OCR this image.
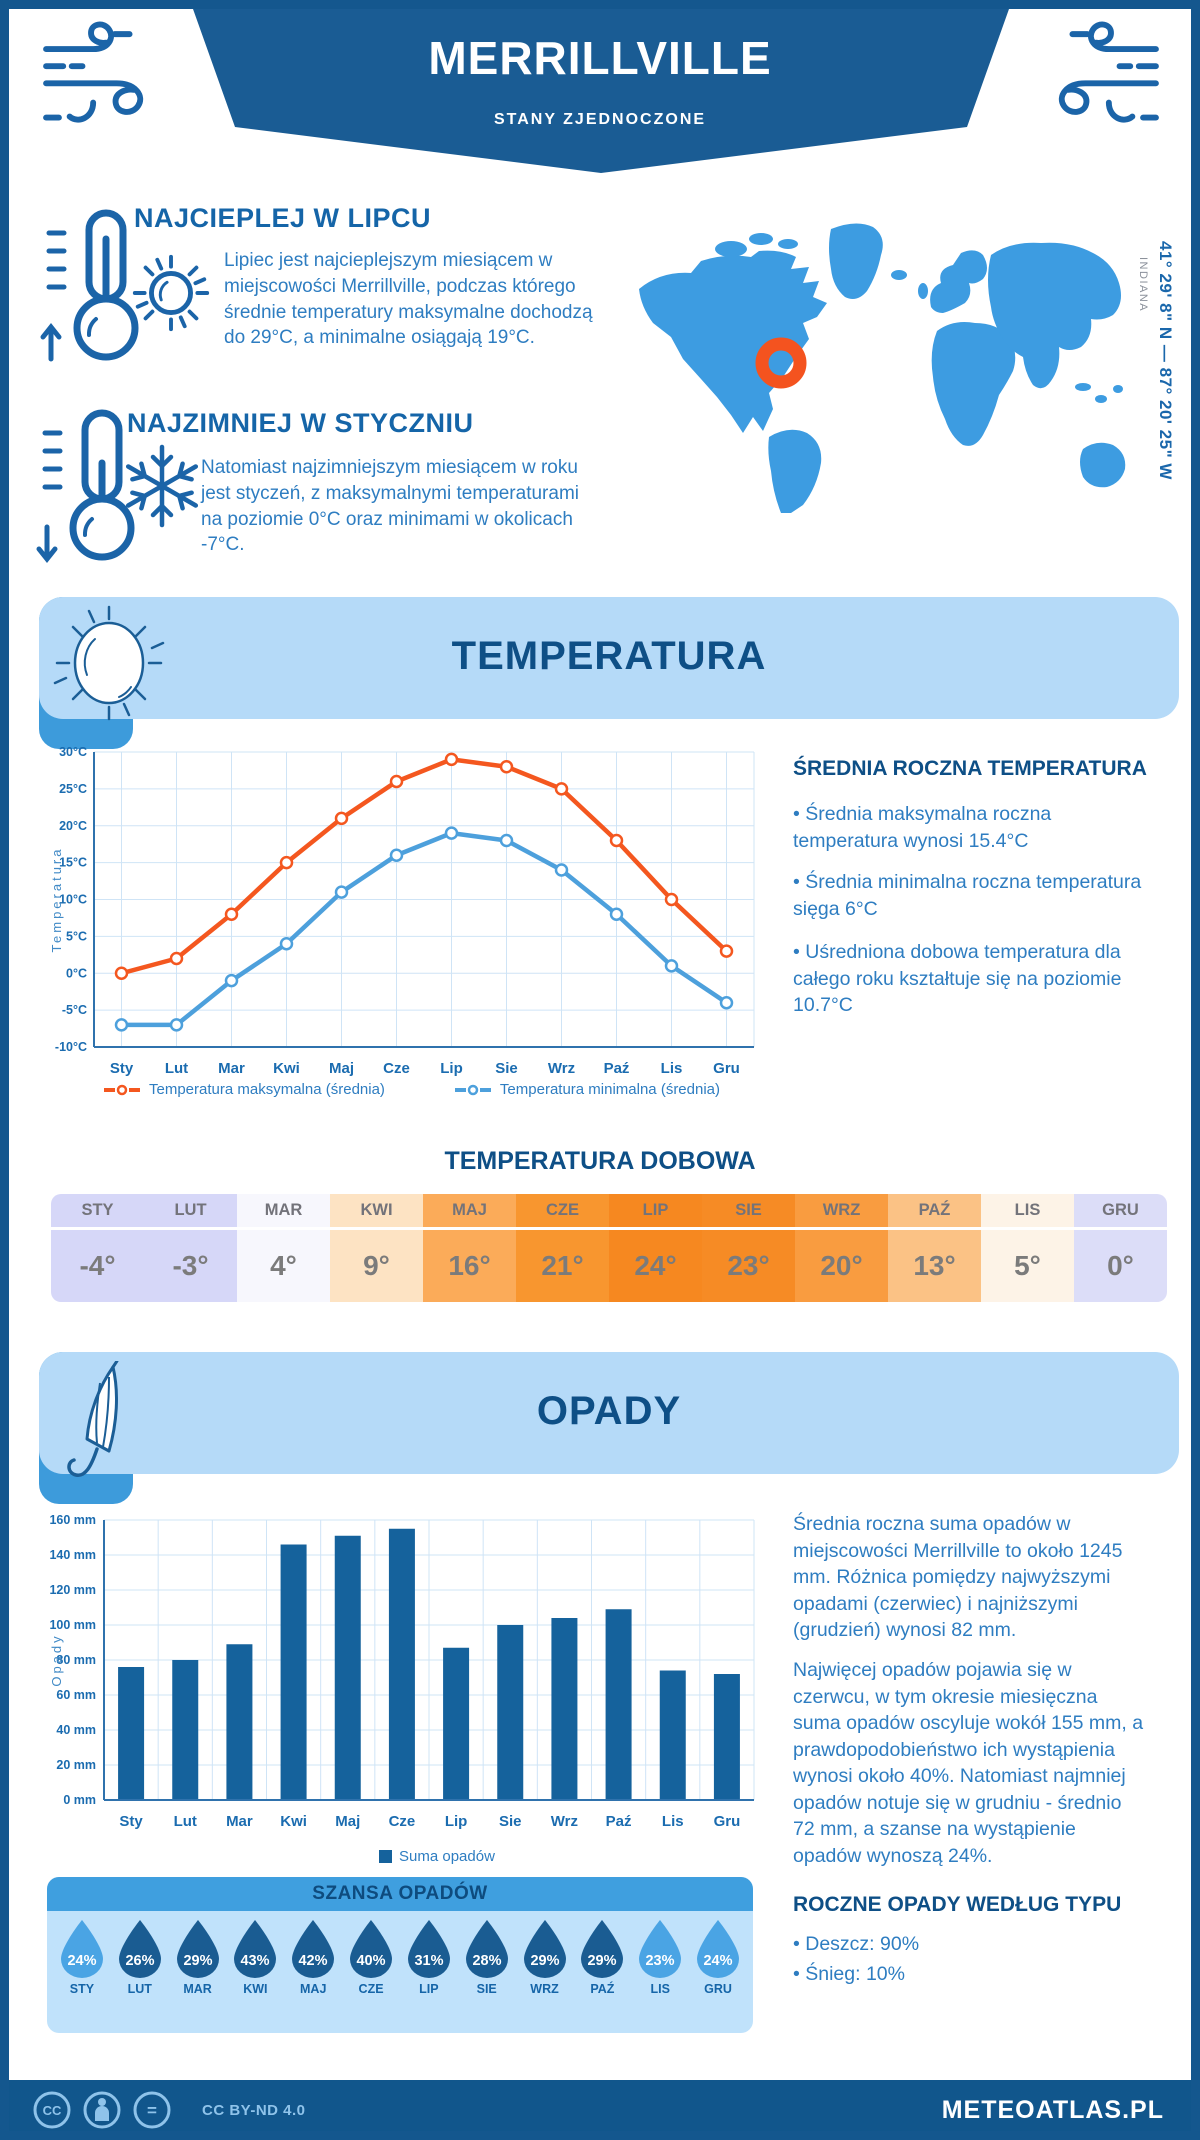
MERRILLVILLE
STANY ZJEDNOCZONE
NAJCIEPLEJ W LIPCU
Lipiec jest najcieplejszym miesiącem w miejscowości Merrillville, podczas którego średnie temperatury maksymalne dochodzą do 29°C, a minimalne osiągają 19°C.
NAJZIMNIEJ W STYCZNIU
Natomiast najzimniejszym miesiącem w roku jest styczeń, z maksymalnymi temperaturami na poziomie 0°C oraz minimami w okolicach -7°C.
INDIANA 41° 29' 8" N — 87° 20' 25" W
TEMPERATURA
-10°C
-5°C
0°C
5°C
10°C
15°C
20°C
25°C
30°C
Sty Lut Mar Kwi Maj Cze Lip Sie Wrz Paź Lis Gru
Temperatura
Temperatura maksymalna (średnia)	Temperatura minimalna (średnia)
ŚREDNIA ROCZNA TEMPERATURA
• Średnia maksymalna roczna temperatura wynosi 15.4°C
• Średnia minimalna roczna temperatura sięga 6°C
• Uśredniona dobowa temperatura dla całego roku kształtuje się na poziomie 10.7°C
TEMPERATURA DOBOWA
STY
-4°
LUT
-3°
MAR
4°
KWI
9°
MAJ
16°
CZE
21°
LIP
24°
SIE
23°
WRZ
20°
PAŹ
13°
LIS
5°
GRU
0°
OPADY
0 mm
20 mm
40 mm
60 mm
80 mm
100 mm
120 mm
140 mm
160 mm
Sty Lut Mar Kwi Maj Cze Lip Sie Wrz Paź Lis Gru
Opady
Suma opadów
Średnia roczna suma opadów w miejscowości Merrillville to około 1245 mm. Różnica pomiędzy najwyższymi opadami (czerwiec) i najniższymi (grudzień) wynosi 82 mm.
Najwięcej opadów pojawia się w czerwcu, w tym okresie miesięczna suma opadów oscyluje wokół 155 mm, a prawdopodobieństwo ich wystąpienia wynosi około 40%. Natomiast najmniej opadów notuje się w grudniu - średnio 72 mm, a szanse na wystąpienie opadów wynoszą 24%.
ROCZNE OPADY WEDŁUG TYPU
• Deszcz: 90%
• Śnieg: 10%
SZANSA OPADÓW
24%
STY
26%
LUT
29%
MAR
43%
KWI
42%
MAJ
40%
CZE
31%
LIP
28%
SIE
29%
WRZ
29%
PAŹ
23%
LIS
24%
GRU
CC	=	CC BY-ND 4.0	METEOATLAS.PL
